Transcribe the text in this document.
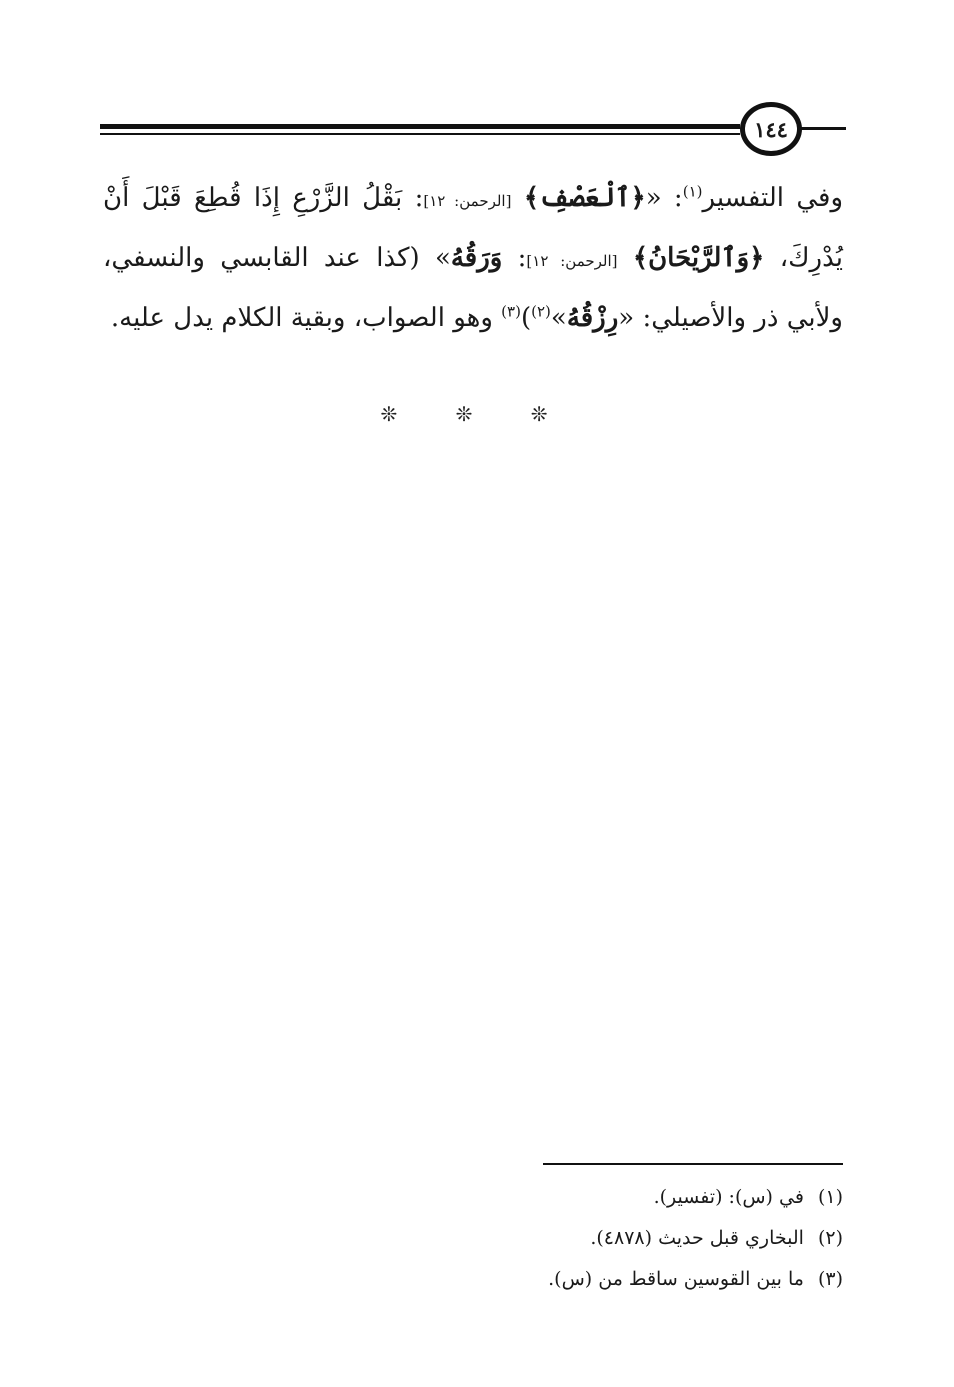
١٤٤

وفي التفسير$^{(١)}$: «﴿ٱلْعَصْفِ﴾ [الرحمن: ١٢]: بَقْلُ الزَّرْعِ إِذَا قُطِعَ قَبْلَ أَنْ يُدْرِكَ، ﴿وَٱلرَّيْحَانُ﴾ [الرحمن: ١٢]: وَرَقُهُ» (كذا عند القابسي والنسفي، ولأبي ذر والأصيلي: «رِزْقُهُ»$^{(٢)}$)$^{(٣)}$ وهو الصواب، وبقية الكلام يدل عليه.

❊ ❊ ❊
(١)في (س): (تفسير).
(٢)البخاري قبل حديث (٤٨٧٨).
(٣)ما بين القوسين ساقط من (س).
